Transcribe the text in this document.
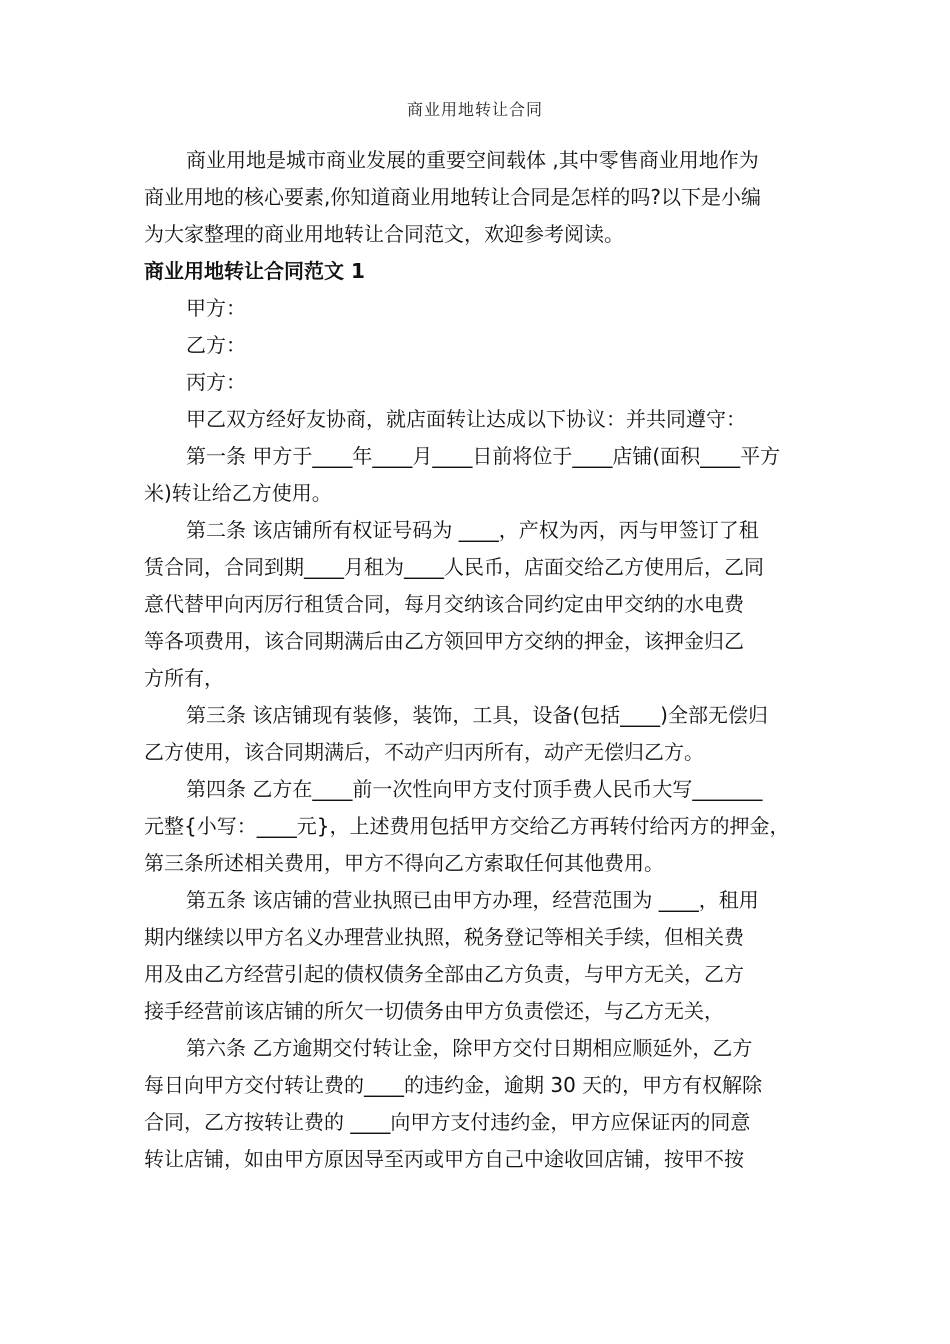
商业用地转让合同
商业用地是城市商业发展的重要空间载体 ,其中零售商业用地作为
商业用地的核心要素,你知道商业用地转让合同是怎样的吗?以下是小编
为大家整理的商业用地转让合同范文，欢迎参考阅读。
商业用地转让合同范文 1
甲方：
乙方：
丙方：
甲乙双方经好友协商，就店面转让达成以下协议：并共同遵守：
第一条 甲方于____年____月____日前将位于____店铺(面积____平方
米)转让给乙方使用。
第二条 该店铺所有权证号码为 ____，产权为丙，丙与甲签订了租
赁合同，合同到期____月租为____人民币，店面交给乙方使用后，乙同
意代替甲向丙厉行租赁合同，每月交纳该合同约定由甲交纳的水电费
等各项费用，该合同期满后由乙方领回甲方交纳的押金，该押金归乙
方所有，
第三条 该店铺现有装修，装饰，工具，设备(包括____)全部无偿归
乙方使用，该合同期满后，不动产归丙所有，动产无偿归乙方。
第四条 乙方在____前一次性向甲方支付顶手费人民币大写_______
元整{小写：____元}，上述费用包括甲方交给乙方再转付给丙方的押金，
第三条所述相关费用，甲方不得向乙方索取任何其他费用。
第五条 该店铺的营业执照已由甲方办理，经营范围为 ____，租用
期内继续以甲方名义办理营业执照，税务登记等相关手续，但相关费
用及由乙方经营引起的债权债务全部由乙方负责，与甲方无关，乙方
接手经营前该店铺的所欠一切债务由甲方负责偿还，与乙方无关，
第六条 乙方逾期交付转让金，除甲方交付日期相应顺延外，乙方
每日向甲方交付转让费的____的违约金，逾期 30 天的，甲方有权解除
合同，乙方按转让费的 ____向甲方支付违约金，甲方应保证丙的同意
转让店铺，如由甲方原因导至丙或甲方自己中途收回店铺，按甲不按
